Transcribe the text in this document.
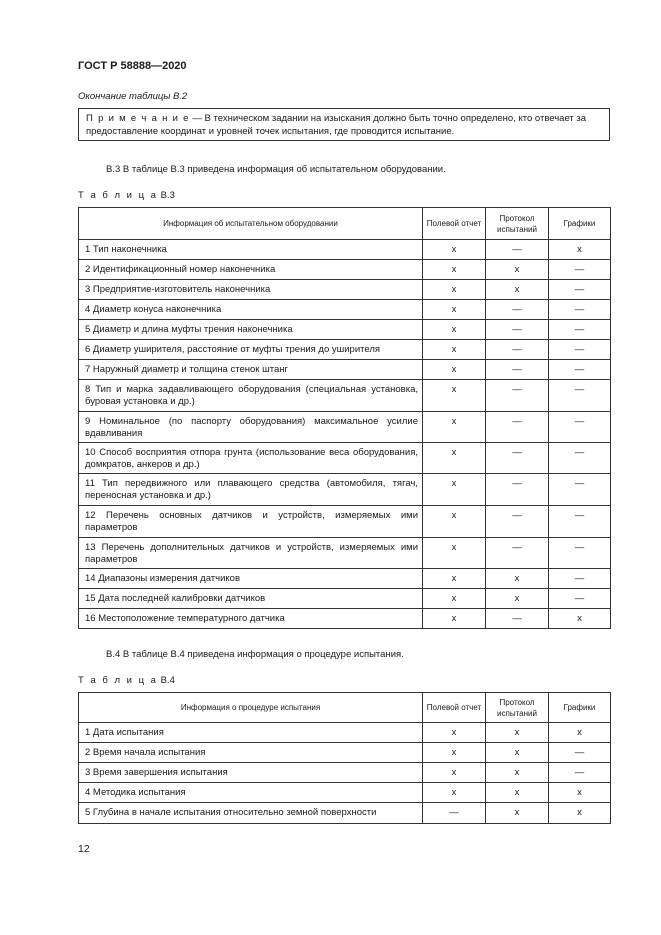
ГОСТ Р 58888—2020
Окончание таблицы В.2
П р и м е ч а н и е — В техническом задании на изыскания должно быть точно определено, кто отвечает за предоставление координат и уровней точек испытания, где проводится испытание.
В.3 В таблице В.3 приведена информация об испытательном оборудовании.
Т а б л и ц а В.3
Информация об испытательном оборудовании	Полевой отчет	Протокол испытаний	Графики
1 Тип наконечника	x	—	x
2 Идентификационный номер наконечника	x	x	—
3 Предприятие-изготовитель наконечника	x	x	—
4 Диаметр конуса наконечника	x	—	—
5 Диаметр и длина муфты трения наконечника	x	—	—
6 Диаметр уширителя, расстояние от муфты трения до уширителя	x	—	—
7 Наружный диаметр и толщина стенок штанг	x	—	—
8 Тип и марка задавливающего оборудования (специальная установка, буровая установка и др.)	x	—	—
9 Номинальное (по паспорту оборудования) максимальное усилие вдавливания	x	—	—
10 Способ восприятия отпора грунта (использование веса оборудования, домкратов, анкеров и др.)	x	—	—
11 Тип передвижного или плавающего средства (автомобиля, тягач, переносная установка и др.)	x	—	—
12 Перечень основных датчиков и устройств, измеряемых ими параметров	x	—	—
13 Перечень дополнительных датчиков и устройств, измеряемых ими параметров	x	—	—
14 Диапазоны измерения датчиков	x	x	—
15 Дата последней калибровки датчиков	x	x	—
16 Местоположение температурного датчика	x	—	x
В.4 В таблице В.4 приведена информация о процедуре испытания.
Т а б л и ц а В.4
Информация о процедуре испытания	Полевой отчет	Протокол испытаний	Графики
1 Дата испытания	x	x	x
2 Время начала испытания	x	x	—
3 Время завершения испытания	x	x	—
4 Методика испытания	x	x	x
5 Глубина в начале испытания относительно земной поверхности	—	x	x
12
